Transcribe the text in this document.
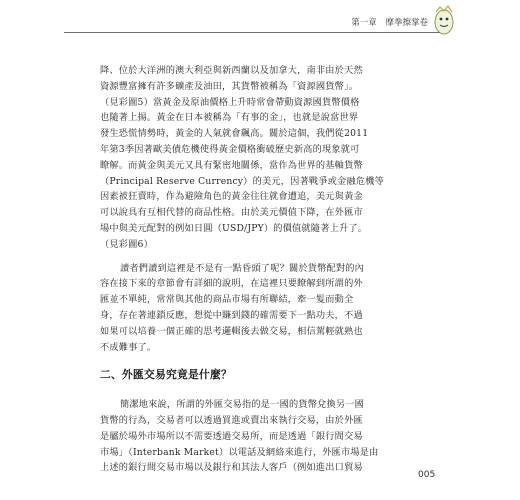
第一章 摩拳擦掌卷

降、位於大洋洲的澳大利亞與新西蘭以及加拿大，南非由於天然
資源豐富擁有許多礦產及油田，其貨幣被稱為「資源國貨幣」。
（見彩圖5）當黃金及原油價格上升時常會帶動資源國貨幣價格
也隨著上揚。黃金在日本被稱為「有事的金」，也就是說當世界
發生恐慌情勢時，黃金的人氣就會飆高。關於這個，我們從2011
年第3季因著歐美債危機使得黃金價格衝破歷史新高的現象就可
瞭解。而黃金與美元又具有緊密地關係，當作為世界的基軸貨幣
（Principal Reserve Currency）的美元，因著戰爭或金融危機等
因素被狂賣時，作為避險角色的黃金往往就會遭追，美元與黃金
可以說具有互相代替的商品性格。由於美元價值下降，在外匯市
場中與美元配對的例如日圓（USD/JPY）的價值就隨著上升了。
（見彩圖6）

讀者們讀到這裡是不是有一點昏頭了呢？關於貨幣配對的內
容在接下來的章節會有詳細的說明，在這裡只要瞭解到所謂的外
匯並不單純，常常與其他的商品市場有所聯結，牽一髮而動全
身，存在著連鎖反應，想從中賺到錢的確需要下一點功夫，不過
如果可以培養一個正確的思考邏輯後去做交易，相信駕輕就熟也
不成難事了。

二、外匯交易究竟是什麼？

簡潔地來說，所謂的外匯交易指的是一國的貨幣兌換另一國
貨幣的行為，交易者可以透過買進或賣出來執行交易，由於外匯
是屬於場外市場所以不需要透過交易所，而是透過「銀行間交易
市場」（Interbank Market）以電話及網絡來進行，外匯市場是由
上述的銀行間交易市場以及銀行和其法人客戶（例如進出口貿易

005
